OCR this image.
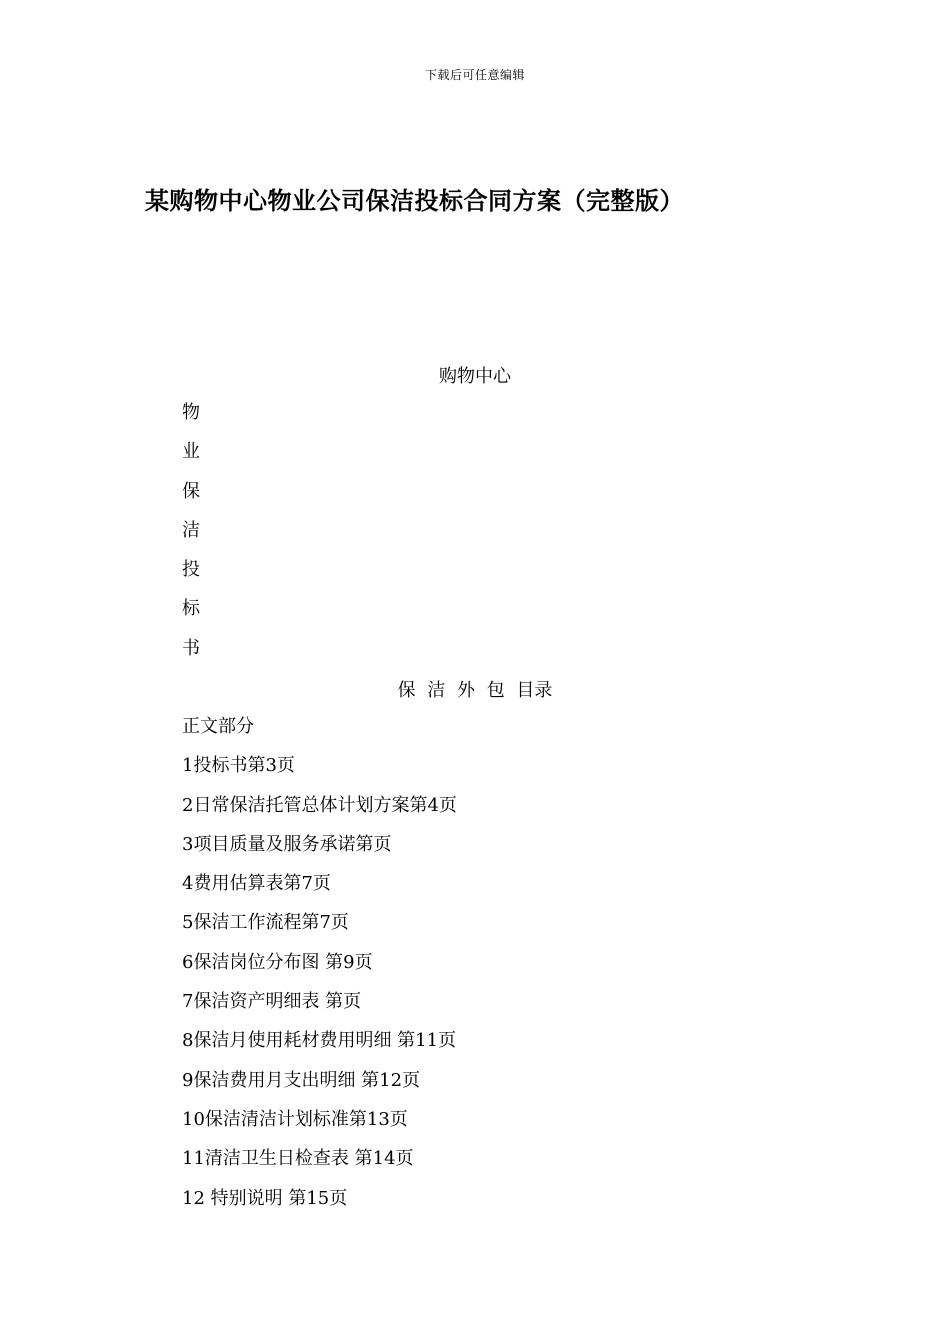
下载后可任意编辑
某购物中心物业公司保洁投标合同方案（完整版）
购物中心
物
业
保
洁
投
标
书
保 洁 外 包 目录
正文部分
1投标书第3页
2日常保洁托管总体计划方案第4页
3项目质量及服务承诺第页
4费用估算表第7页
5保洁工作流程第7页
6保洁岗位分布图 第9页
7保洁资产明细表 第页
8保洁月使用耗材费用明细 第11页
9保洁费用月支出明细 第12页
10保洁清洁计划标准第13页
11清洁卫生日检查表 第14页
12 特别说明 第15页
